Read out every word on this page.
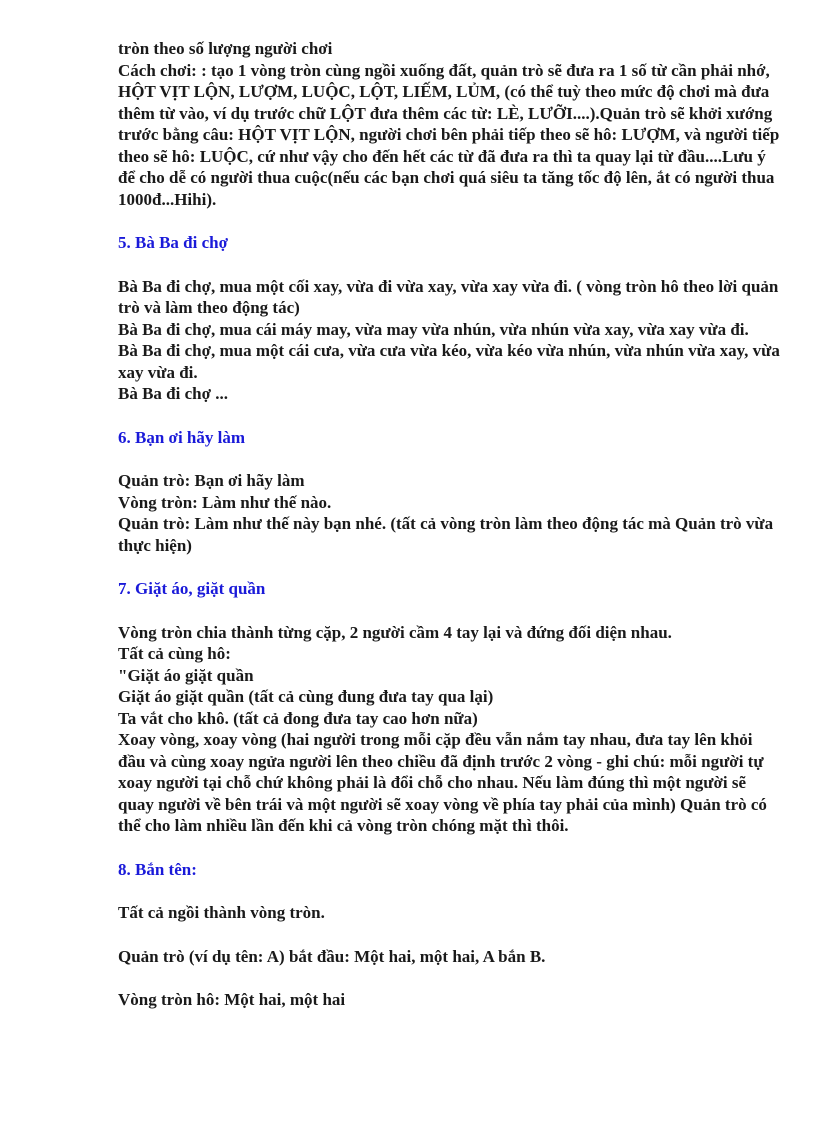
tròn theo số lượng người chơi

Cách chơi: : tạo 1 vòng tròn cùng ngồi xuống đất, quản trò sẽ đưa ra 1 số từ cần phải nhớ, HỘT VỊT LỘN, LƯỢM, LUỘC, LỘT, LIẾM, LỦM, (có thể tuỳ theo mức độ chơi mà đưa thêm từ vào, ví dụ trước chữ LỘT đưa thêm các từ: LÈ, LƯỠI....).Quản trò sẽ khởi xướng trước bằng câu: HỘT VỊT LỘN, người chơi bên phải tiếp theo sẽ hô: LƯỢM, và người tiếp theo sẽ hô: LUỘC, cứ như vậy cho đến hết các từ đã đưa ra thì ta quay lại từ đầu....Lưu ý để cho dễ có người thua cuộc(nếu các bạn chơi quá siêu ta tăng tốc độ lên, ắt có người thua 1000đ...Hihi).

5. Bà Ba đi chợ

Bà Ba đi chợ, mua một cối xay, vừa đi vừa xay, vừa xay vừa đi. ( vòng tròn hô theo lời quản trò và làm theo động tác)

Bà Ba đi chợ, mua cái máy may, vừa may vừa nhún, vừa nhún vừa xay, vừa xay vừa đi.

Bà Ba đi chợ, mua một cái cưa, vừa cưa vừa kéo, vừa kéo vừa nhún, vừa nhún vừa xay, vừa xay vừa đi.

Bà Ba đi chợ ...

6. Bạn ơi hãy làm

Quản trò: Bạn ơi hãy làm

Vòng tròn: Làm như thế nào.

Quản trò: Làm như thế này bạn nhé. (tất cả vòng tròn làm theo động tác mà Quản trò vừa thực hiện)

7. Giặt áo, giặt quần

Vòng tròn chia thành từng cặp, 2 người cầm 4 tay lại và đứng đối diện nhau.

Tất cả cùng hô:

"Giặt áo giặt quần

Giặt áo giặt quần (tất cả cùng đung đưa tay qua lại)

Ta vắt cho khô. (tất cả đong đưa tay cao hơn nữa)

Xoay vòng, xoay vòng (hai người trong mỗi cặp đều vẫn nắm tay nhau, đưa tay lên khỏi đầu và cùng xoay ngửa người lên theo chiều đã định trước 2 vòng - ghi chú: mỗi người tự xoay người tại chỗ chứ không phải là đổi chỗ cho nhau. Nếu làm đúng thì một người sẽ quay người về bên trái và một người sẽ xoay vòng về phía tay phải của mình) Quản trò có thể cho làm nhiều lần đến khi cả vòng tròn chóng mặt thì thôi.

8. Bắn tên:

Tất cả ngồi thành vòng tròn.

Quản trò (ví dụ tên: A) bắt đầu: Một hai, một hai, A bắn B.

Vòng tròn hô: Một hai, một hai
